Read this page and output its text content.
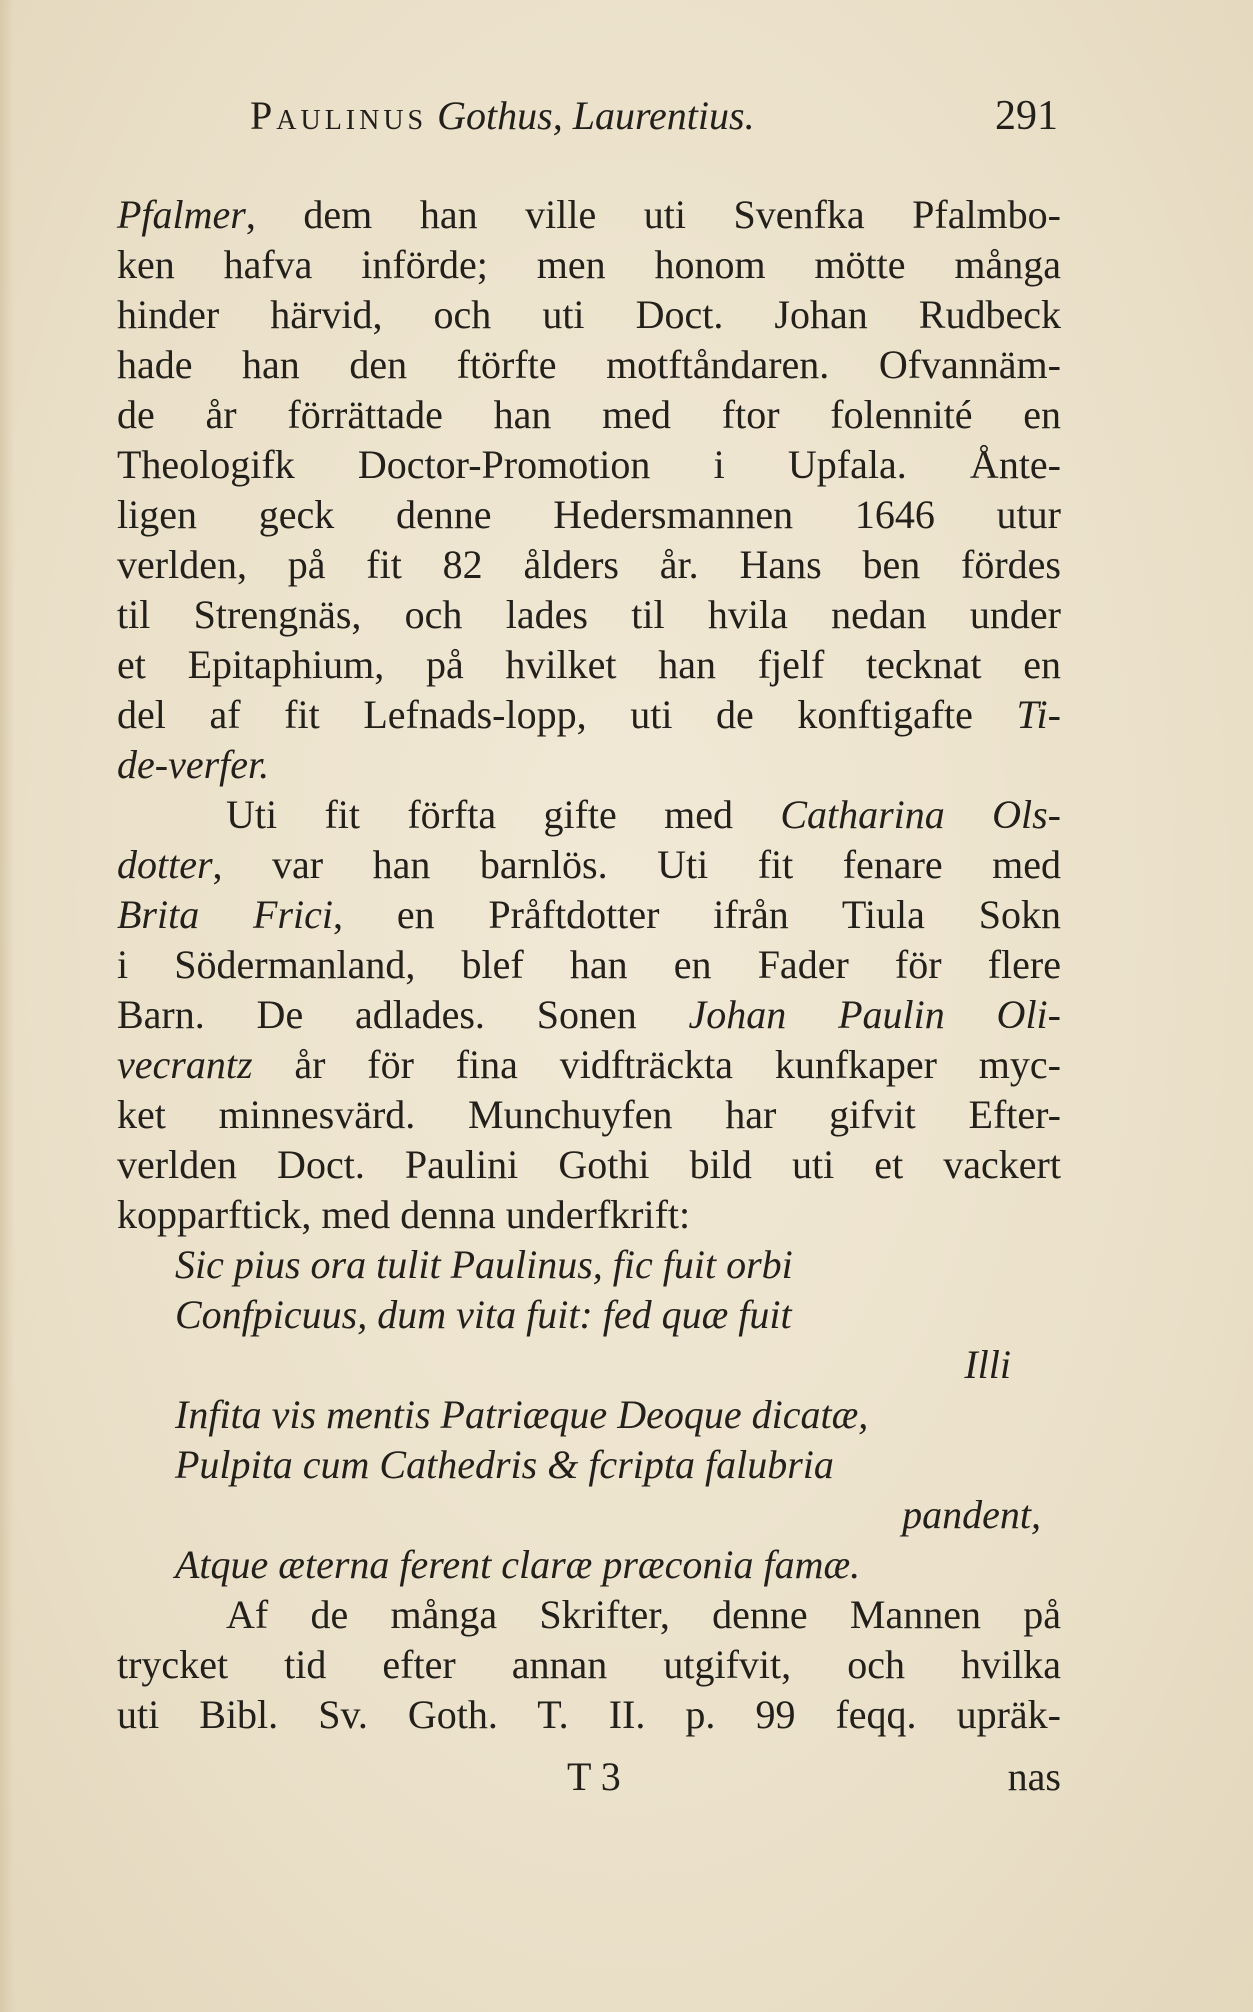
Paulinus Gothus, Laurentius.	291
Pfalmer, dem han ville uti Svenfka Pfalmbo-
ken hafva införde; men honom mötte många
hinder härvid, och uti Doct. Johan Rudbeck
hade han den ftörfte motftåndaren. Ofvannäm-
de år förrättade han med ftor folennité en
Theologifk Doctor-Promotion i Upfala. Ånte-
ligen geck denne Hedersmannen 1646 utur
verlden, på fit 82 ålders år. Hans ben fördes
til Strengnäs, och lades til hvila nedan under
et Epitaphium, på hvilket han fjelf tecknat en
del af fit Lefnads-lopp, uti de konftigafte Ti-
de-verfer.
Uti fit förfta gifte med Catharina Ols-
dotter, var han barnlös. Uti fit fenare med
Brita Frici, en Pråftdotter ifrån Tiula Sokn
i Södermanland, blef han en Fader för flere
Barn. De adlades. Sonen Johan Paulin Oli-
vecrantz år för fina vidfträckta kunfkaper myc-
ket minnesvärd. Munchuyfen har gifvit Efter-
verlden Doct. Paulini Gothi bild uti et vackert
kopparftick, med denna underfkrift:
Sic pius ora tulit Paulinus, fic fuit orbi
Confpicuus, dum vita fuit: fed quæ fuit
Illi
Infita vis mentis Patriæque Deoque dicatæ,
Pulpita cum Cathedris & fcripta falubria
pandent,
Atque æterna ferent claræ præconia famæ.
Af de många Skrifter, denne Mannen på
trycket tid efter annan utgifvit, och hvilka
uti Bibl. Sv. Goth. T. II. p. 99 feqq. upräk-
T 3	nas
